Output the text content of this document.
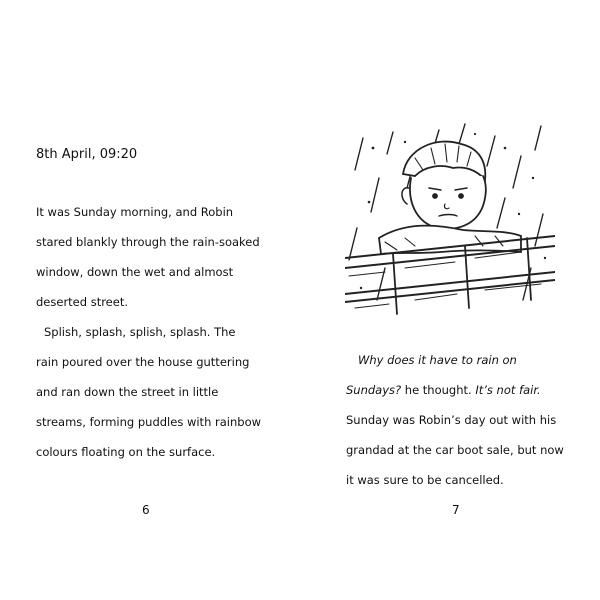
8th April, 09:20
It was Sunday morning, and Robin
stared blankly through the rain-soaked
window, down the wet and almost
deserted street.
Splish, splash, splish, splash. The
rain poured over the house guttering
and ran down the street in little
streams, forming puddles with rainbow
colours floating on the surface.
6
Why does it have to rain on
Sundays? he thought. It’s not fair.
Sunday was Robin’s day out with his
grandad at the car boot sale, but now
it was sure to be cancelled.
7
